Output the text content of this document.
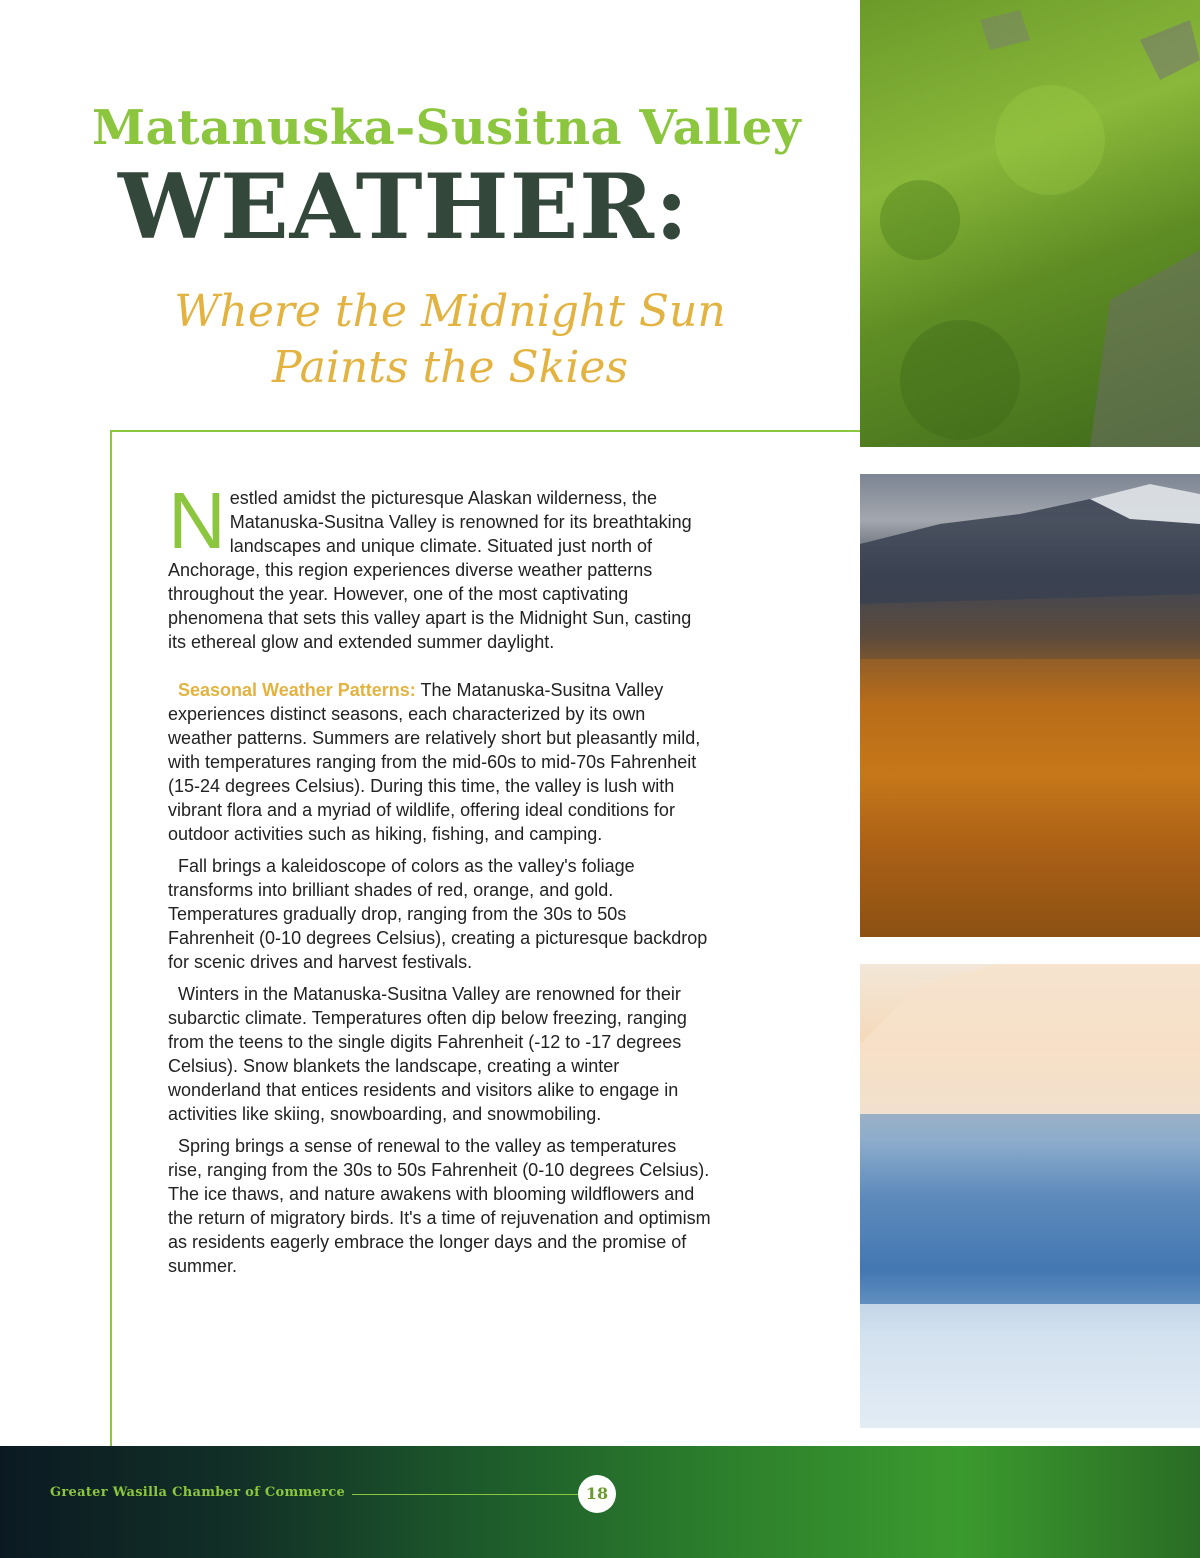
Matanuska-Susitna Valley
WEATHER:
Where the Midnight Sun Paints the Skies

Nestled amidst the picturesque Alaskan wilderness, the Matanuska-Susitna Valley is renowned for its breathtaking landscapes and unique climate. Situated just north of Anchorage, this region experiences diverse weather patterns throughout the year. However, one of the most captivating phenomena that sets this valley apart is the Midnight Sun, casting its ethereal glow and extended summer daylight.

Seasonal Weather Patterns: The Matanuska-Susitna Valley experiences distinct seasons, each characterized by its own weather patterns. Summers are relatively short but pleasantly mild, with temperatures ranging from the mid-60s to mid-70s Fahrenheit (15-24 degrees Celsius). During this time, the valley is lush with vibrant flora and a myriad of wildlife, offering ideal conditions for outdoor activities such as hiking, fishing, and camping.

Fall brings a kaleidoscope of colors as the valley's foliage transforms into brilliant shades of red, orange, and gold. Temperatures gradually drop, ranging from the 30s to 50s Fahrenheit (0-10 degrees Celsius), creating a picturesque backdrop for scenic drives and harvest festivals.

Winters in the Matanuska-Susitna Valley are renowned for their subarctic climate. Temperatures often dip below freezing, ranging from the teens to the single digits Fahrenheit (-12 to -17 degrees Celsius). Snow blankets the landscape, creating a winter wonderland that entices residents and visitors alike to engage in activities like skiing, snowboarding, and snowmobiling.

Spring brings a sense of renewal to the valley as temperatures rise, ranging from the 30s to 50s Fahrenheit (0-10 degrees Celsius). The ice thaws, and nature awakens with blooming wildflowers and the return of migratory birds. It's a time of rejuvenation and optimism as residents eagerly embrace the longer days and the promise of summer.

Greater Wasilla Chamber of Commerce	18
